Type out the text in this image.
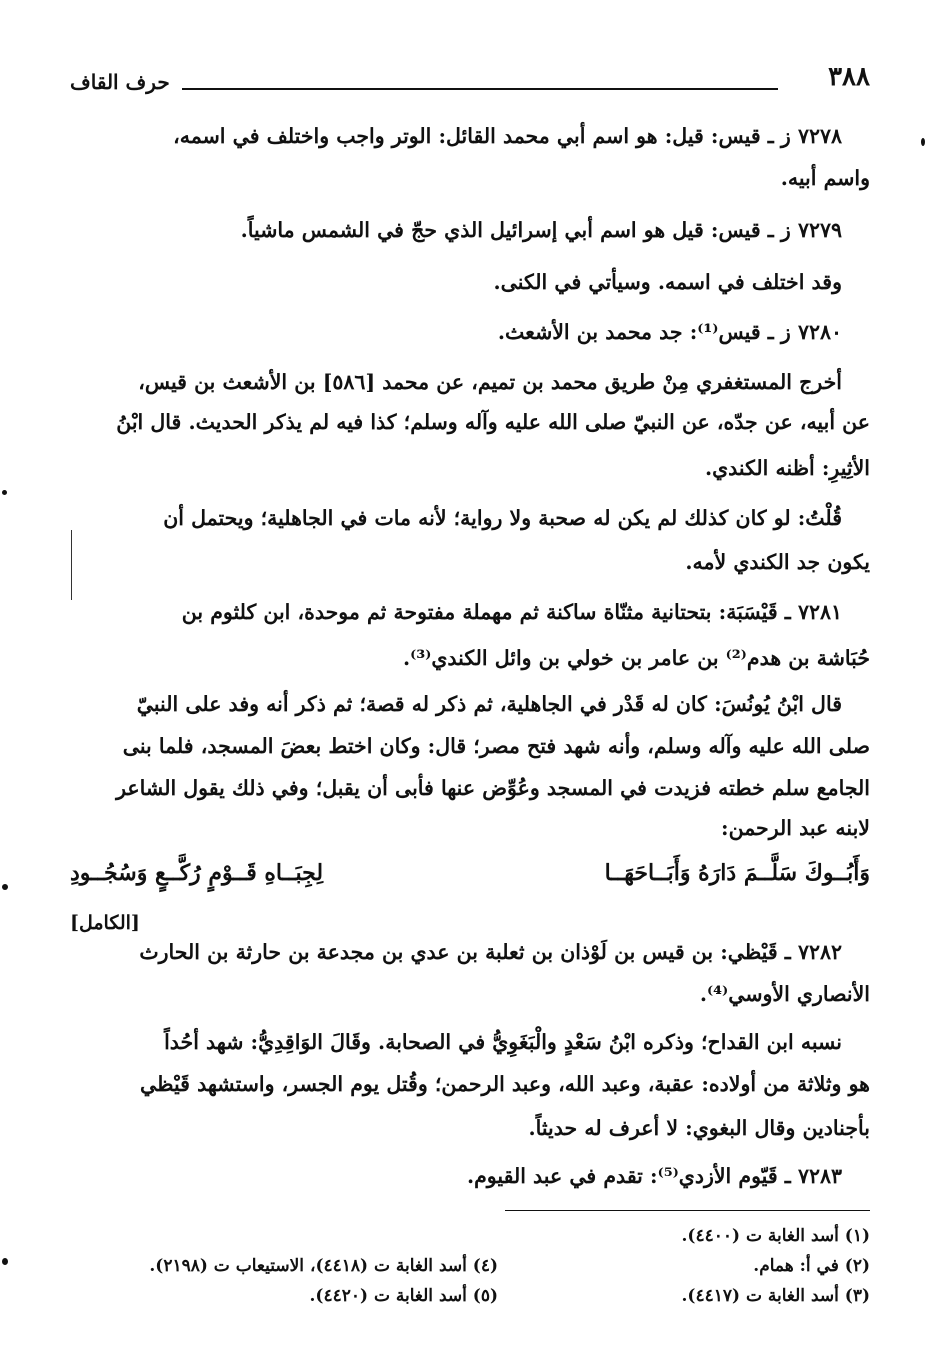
٣٨٨
حرف القاف
٧٢٧٨ ز ـ قيس: قيل: هو اسم أبي محمد القائل: الوتر واجب واختلف في اسمه،
واسم أبيه.
٧٢٧٩ ز ـ قيس: قيل هو اسم أبي إسرائيل الذي حجّ في الشمس ماشياً.
وقد اختلف في اسمه. وسيأتي في الكنى.
٧٢٨٠ ز ـ قيس⁽¹⁾: جد محمد بن الأشعث.
أخرج المستغفري مِنْ طريق محمد بن تميم، عن محمد [٥٨٦] بن الأشعث بن قيس،
عن أبيه، عن جدّه، عن النبيّ صلى الله عليه وآله وسلم؛ كذا فيه لم يذكر الحديث. قال ابْنُ
الأثِيرِ: أظنه الكندي.
قُلْتُ: لو كان كذلك لم يكن له صحبة ولا رواية؛ لأنه مات في الجاهلية؛ ويحتمل أن
يكون جد الكندي لأمه.
٧٢٨١ ـ قَيْسَبَة: بتحتانية مثنّاة ساكنة ثم مهملة مفتوحة ثم موحدة، ابن كلثوم بن
حُبَاشة بن هدم⁽²⁾ بن عامر بن خولي بن وائل الكندي⁽³⁾.
قال ابْنُ يُونُسَ: كان له قَدْر في الجاهلية، ثم ذكر له قصة؛ ثم ذكر أنه وفد على النبيّ
صلى الله عليه وآله وسلم، وأنه شهد فتح مصر؛ قال: وكان اختط بعضَ المسجد، فلما بنى
الجامع سلم خطته فزيدت في المسجد وعُوِّض عنها فأبى أن يقبل؛ وفي ذلك يقول الشاعر
لابنه عبد الرحمن:
وَأَبُــوكَ سَلَّــمَ دَارَهُ وَأَبَــاحَهَــا
لِجِبَــاهِ قَــوْمٍ رُكَّــعٍ وَسُجُــودِ
[الكامل]
٧٢٨٢ ـ قَيْظي: بن قيس بن لَوْذان بن ثعلبة بن عدي بن مجدعة بن حارثة بن الحارث
الأنصاري الأوسي⁽⁴⁾.
نسبه ابن القداح؛ وذكره ابْنُ سَعْدٍ والْبَغَوِيُّ في الصحابة. وقَالَ الوَاقِدِيُّ: شهد أحُداً
هو وثلاثة من أولاده: عقبة، وعبد الله، وعبد الرحمن؛ وقُتل يوم الجسر، واستشهد قَيْظي
بأجنادين وقال البغوي: لا أعرف له حديثاً.
٧٢٨٣ ـ قَيّوم الأزدي⁽⁵⁾: تقدم في عبد القيوم.
(١) أسد الغابة ت (٤٤٠٠).
(٢) في أ: همام.
(٣) أسد الغابة ت (٤٤١٧).
(٤) أسد الغابة ت (٤٤١٨)، الاستيعاب ت (٢١٩٨).
(٥) أسد الغابة ت (٤٤٢٠).
